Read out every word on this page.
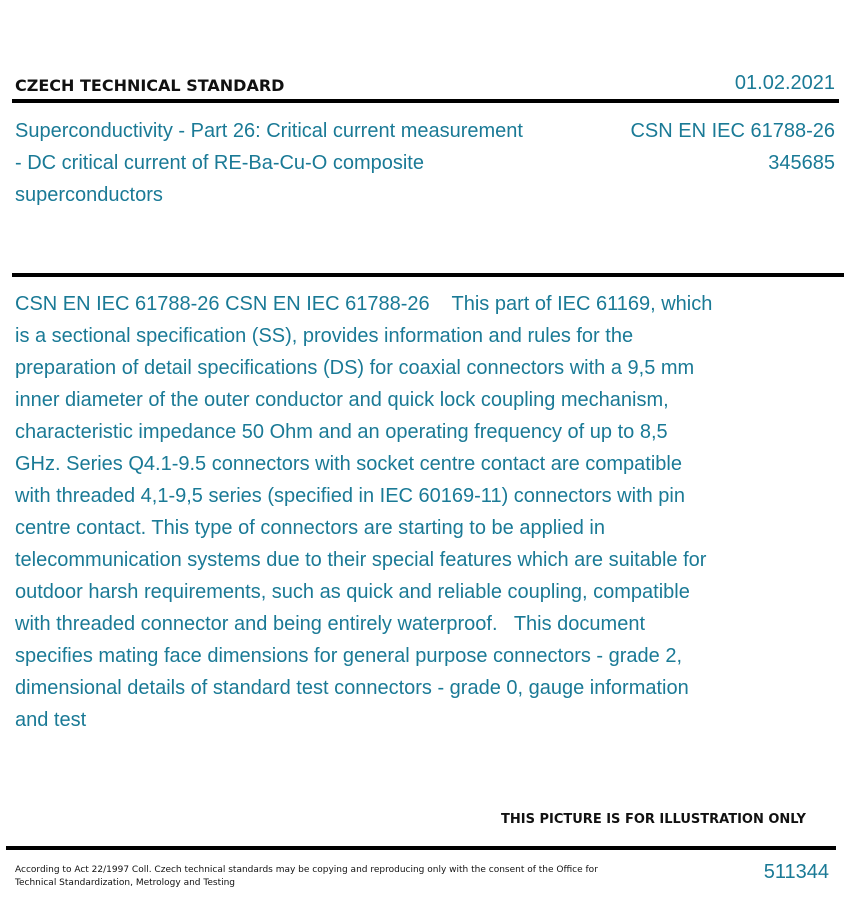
CZECH TECHNICAL STANDARD	01.02.2021
Superconductivity - Part 26: Critical current measurement - DC critical current of RE-Ba-Cu-O composite superconductors
CSN EN IEC 61788-26
345685

CSN EN IEC 61788-26 CSN EN IEC 61788-26    This part of IEC 61169, which is a sectional specification (SS), provides information and rules for the preparation of detail specifications (DS) for coaxial connectors with a 9,5 mm inner diameter of the outer conductor and quick lock coupling mechanism, characteristic impedance 50 Ohm and an operating frequency of up to 8,5 GHz. Series Q4.1-9.5 connectors with socket centre contact are compatible with threaded 4,1-9,5 series (specified in IEC 60169-11) connectors with pin centre contact. This type of connectors are starting to be applied in telecommunication systems due to their special features which are suitable for outdoor harsh requirements, such as quick and reliable coupling, compatible with threaded connector and being entirely waterproof.   This document specifies mating face dimensions for general purpose connectors - grade 2, dimensional details of standard test connectors - grade 0, gauge information and test

THIS PICTURE IS FOR ILLUSTRATION ONLY
According to Act 22/1997 Coll. Czech technical standards may be copying and reproducing only with the consent of the Office for Technical Standardization, Metrology and Testing	511344
